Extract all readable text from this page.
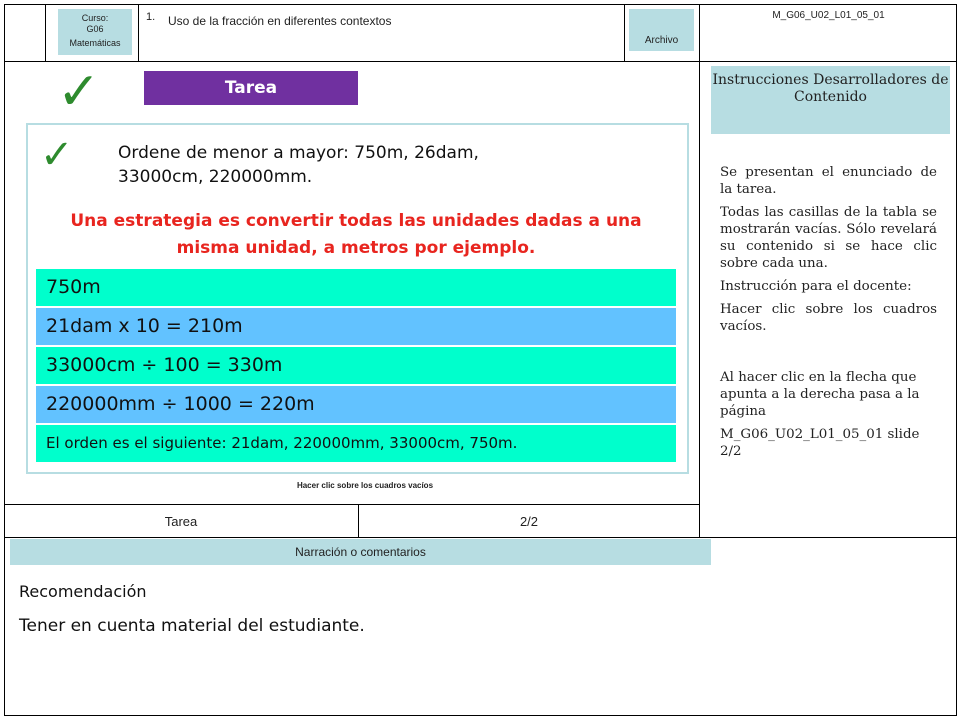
Curso:
G06
Matemáticas
1. Uso de la fracción en diferentes contextos
Archivo
M_G06_U02_L01_05_01
✓	Tarea
✓	Ordene de menor a mayor: 750m, 26dam, 33000cm, 220000mm.
Una estrategia es convertir todas las unidades dadas a una misma unidad, a metros por ejemplo.
750m
21dam x 10 = 210m
33000cm ÷ 100 = 330m
220000mm ÷ 1000 = 220m
El orden es el siguiente: 21dam, 220000mm, 33000cm, 750m.
Hacer clic sobre los cuadros vacíos
Tarea	2/2
Instrucciones Desarrolladores de Contenido

Se presentan el enunciado de la tarea.

Todas las casillas de la tabla se mostrarán vacías. Sólo revelará su contenido si se hace clic sobre cada una.

Instrucción para el docente:

Hacer clic sobre los cuadros vacíos.

Al hacer clic en la flecha que apunta a la derecha pasa a la página

M_G06_U02_L01_05_01 slide 2/2

Narración o comentarios
Recomendación
Tener en cuenta material del estudiante.
